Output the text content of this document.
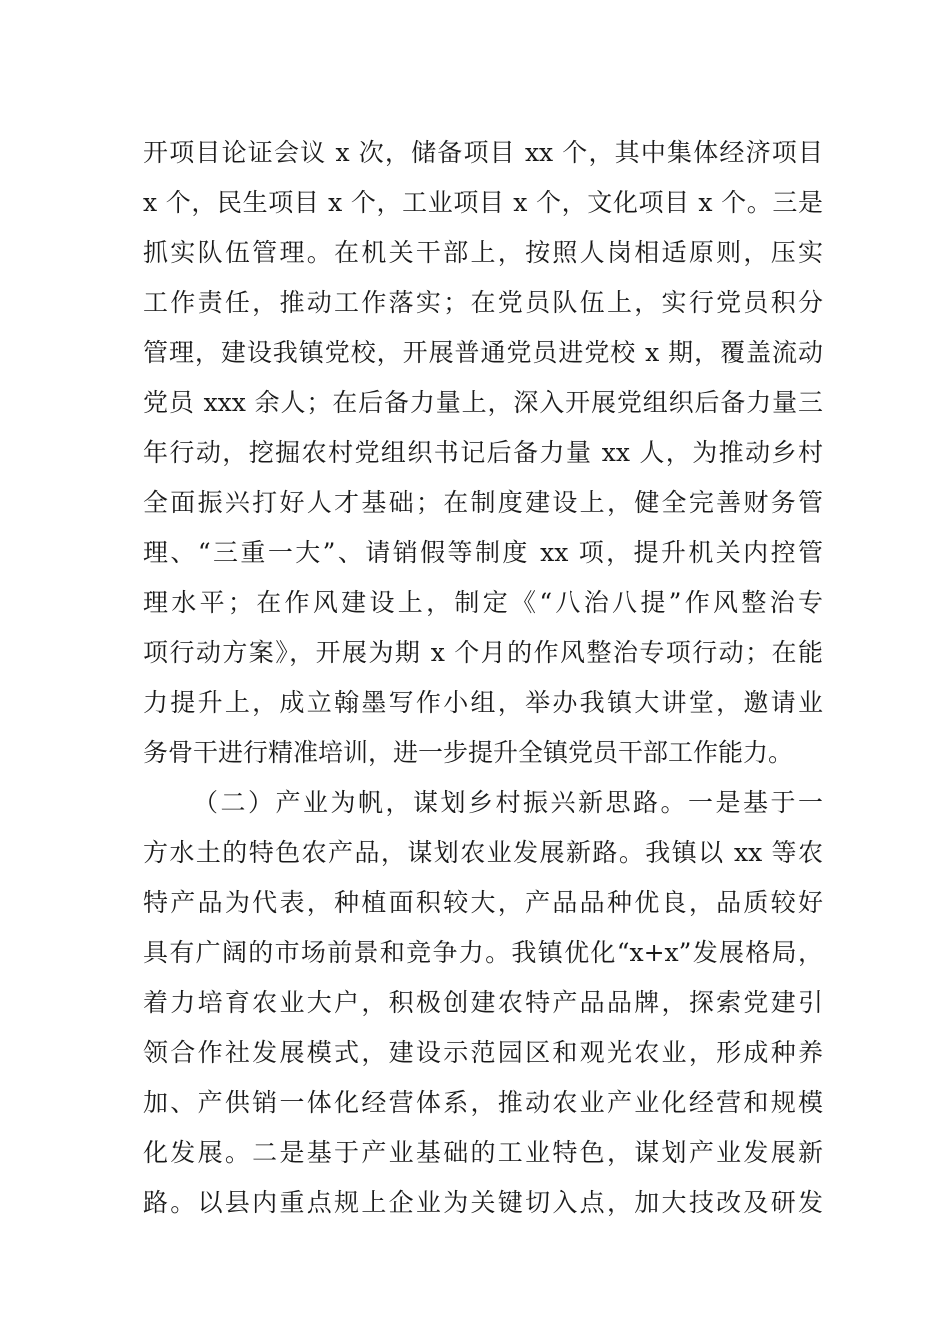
开项目论证会议 x 次，储备项目 xx 个，其中集体经济项目
x 个，民生项目 x 个，工业项目 x 个，文化项目 x 个。三是
抓实队伍管理。在机关干部上，按照人岗相适原则，压实
工作责任，推动工作落实；在党员队伍上，实行党员积分
管理，建设我镇党校，开展普通党员进党校 x 期，覆盖流动
党员 xxx 余人；在后备力量上，深入开展党组织后备力量三
年行动，挖掘农村党组织书记后备力量 xx 人，为推动乡村
全面振兴打好人才基础；在制度建设上，健全完善财务管
理、“三重一大”、请销假等制度 xx 项，提升机关内控管
理水平；在作风建设上，制定《“八治八提”作风整治专
项行动方案》，开展为期 x 个月的作风整治专项行动；在能
力提升上，成立翰墨写作小组，举办我镇大讲堂，邀请业
务骨干进行精准培训，进一步提升全镇党员干部工作能力。
（二）产业为帆，谋划乡村振兴新思路。一是基于一
方水土的特色农产品，谋划农业发展新路。我镇以 xx 等农
特产品为代表，种植面积较大，产品品种优良，品质较好
具有广阔的市场前景和竞争力。我镇优化“x+x”发展格局，
着力培育农业大户，积极创建农特产品品牌，探索党建引
领合作社发展模式，建设示范园区和观光农业，形成种养
加、产供销一体化经营体系，推动农业产业化经营和规模
化发展。二是基于产业基础的工业特色，谋划产业发展新
路。以县内重点规上企业为关键切入点，加大技改及研发
